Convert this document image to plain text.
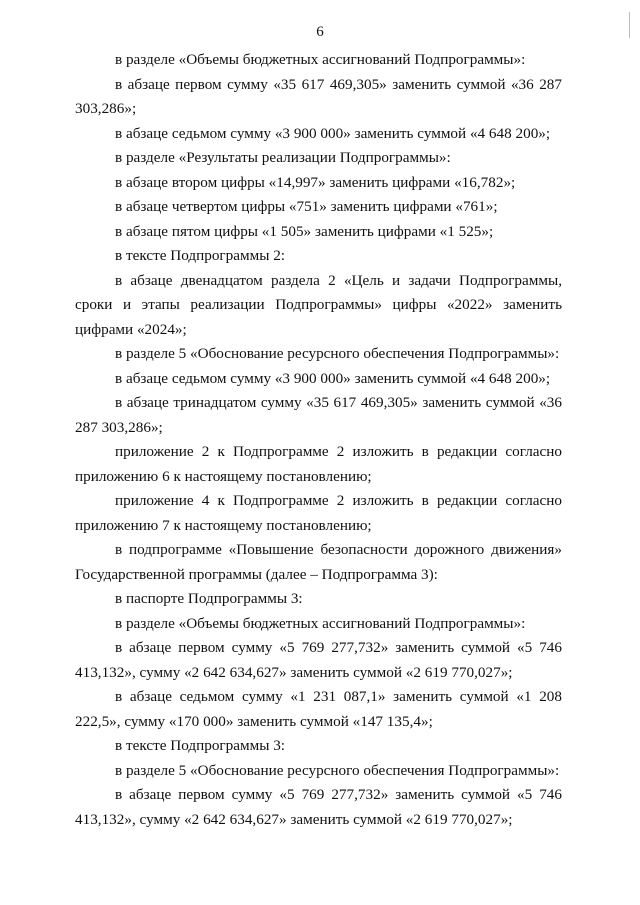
6

в разделе «Объемы бюджетных ассигнований Подпрограммы»:

в абзаце первом сумму «35 617 469,305» заменить суммой «36 287 303,286»;

в абзаце седьмом сумму «3 900 000» заменить суммой «4 648 200»;

в разделе «Результаты реализации Подпрограммы»:

в абзаце втором цифры «14,997» заменить цифрами «16,782»;

в абзаце четвертом цифры «751» заменить цифрами «761»;

в абзаце пятом цифры «1 505» заменить цифрами «1 525»;

в тексте Подпрограммы 2:

в абзаце двенадцатом раздела 2 «Цель и задачи Подпрограммы, сроки и этапы реализации Подпрограммы» цифры «2022» заменить цифрами «2024»;

в разделе 5 «Обоснование ресурсного обеспечения Подпрограммы»:

в абзаце седьмом сумму «3 900 000» заменить суммой «4 648 200»;

в абзаце тринадцатом сумму «35 617 469,305» заменить суммой «36 287 303,286»;

приложение 2 к Подпрограмме 2 изложить в редакции согласно приложению 6 к настоящему постановлению;

приложение 4 к Подпрограмме 2 изложить в редакции согласно приложению 7 к настоящему постановлению;

в подпрограмме «Повышение безопасности дорожного движения» Государственной программы (далее – Подпрограмма 3):

в паспорте Подпрограммы 3:

в разделе «Объемы бюджетных ассигнований Подпрограммы»:

в абзаце первом сумму «5 769 277,732» заменить суммой «5 746 413,132», сумму «2 642 634,627» заменить суммой «2 619 770,027»;

в абзаце седьмом сумму «1 231 087,1» заменить суммой «1 208 222,5», сумму «170 000» заменить суммой «147 135,4»;

в тексте Подпрограммы 3:

в разделе 5 «Обоснование ресурсного обеспечения Подпрограммы»:

в абзаце первом сумму «5 769 277,732» заменить суммой «5 746 413,132», сумму «2 642 634,627» заменить суммой «2 619 770,027»;
